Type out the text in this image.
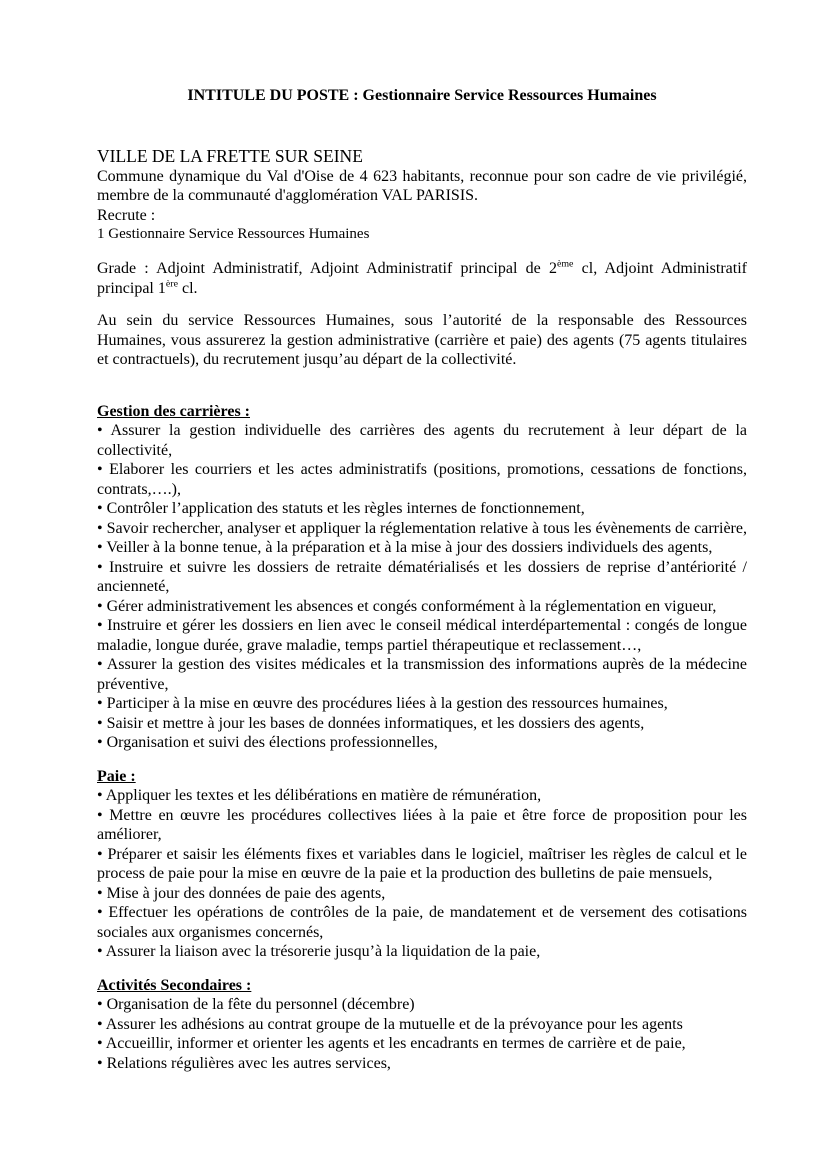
INTITULE DU POSTE : Gestionnaire Service Ressources Humaines

VILLE DE LA FRETTE SUR SEINE

Commune dynamique du Val d'Oise de 4 623 habitants, reconnue pour son cadre de vie privilégié, membre de la communauté d'agglomération VAL PARISIS.

Recrute :

1 Gestionnaire Service Ressources Humaines

Grade : Adjoint Administratif, Adjoint Administratif principal de 2ème cl, Adjoint Administratif principal 1ère cl.

Au sein du service Ressources Humaines, sous l’autorité de la responsable des Ressources Humaines, vous assurerez la gestion administrative (carrière et paie) des agents (75 agents titulaires et contractuels), du recrutement jusqu’au départ de la collectivité.

Gestion des carrières :

• Assurer la gestion individuelle des carrières des agents du recrutement à leur départ de la collectivité,

• Elaborer les courriers et les actes administratifs (positions, promotions, cessations de fonctions, contrats,….),

• Contrôler l’application des statuts et les règles internes de fonctionnement,

• Savoir rechercher, analyser et appliquer la réglementation relative à tous les évènements de carrière,

• Veiller à la bonne tenue, à la préparation et à la mise à jour des dossiers individuels des agents,

• Instruire et suivre les dossiers de retraite dématérialisés et les dossiers de reprise d’antériorité / ancienneté,

• Gérer administrativement les absences et congés conformément à la réglementation en vigueur,

• Instruire et gérer les dossiers en lien avec le conseil médical interdépartemental : congés de longue maladie, longue durée, grave maladie, temps partiel thérapeutique et reclassement…,

• Assurer la gestion des visites médicales et la transmission des informations auprès de la médecine préventive,

• Participer à la mise en œuvre des procédures liées à la gestion des ressources humaines,

• Saisir et mettre à jour les bases de données informatiques, et les dossiers des agents,

• Organisation et suivi des élections professionnelles,

Paie :

• Appliquer les textes et les délibérations en matière de rémunération,

• Mettre en œuvre les procédures collectives liées à la paie et être force de proposition pour les améliorer,

• Préparer et saisir les éléments fixes et variables dans le logiciel, maîtriser les règles de calcul et le process de paie pour la mise en œuvre de la paie et la production des bulletins de paie mensuels,

• Mise à jour des données de paie des agents,

• Effectuer les opérations de contrôles de la paie, de mandatement et de versement des cotisations sociales aux organismes concernés,

• Assurer la liaison avec la trésorerie jusqu’à la liquidation de la paie,

Activités Secondaires :

• Organisation de la fête du personnel (décembre)

• Assurer les adhésions au contrat groupe de la mutuelle et de la prévoyance pour les agents

• Accueillir, informer et orienter les agents et les encadrants en termes de carrière et de paie,

• Relations régulières avec les autres services,
